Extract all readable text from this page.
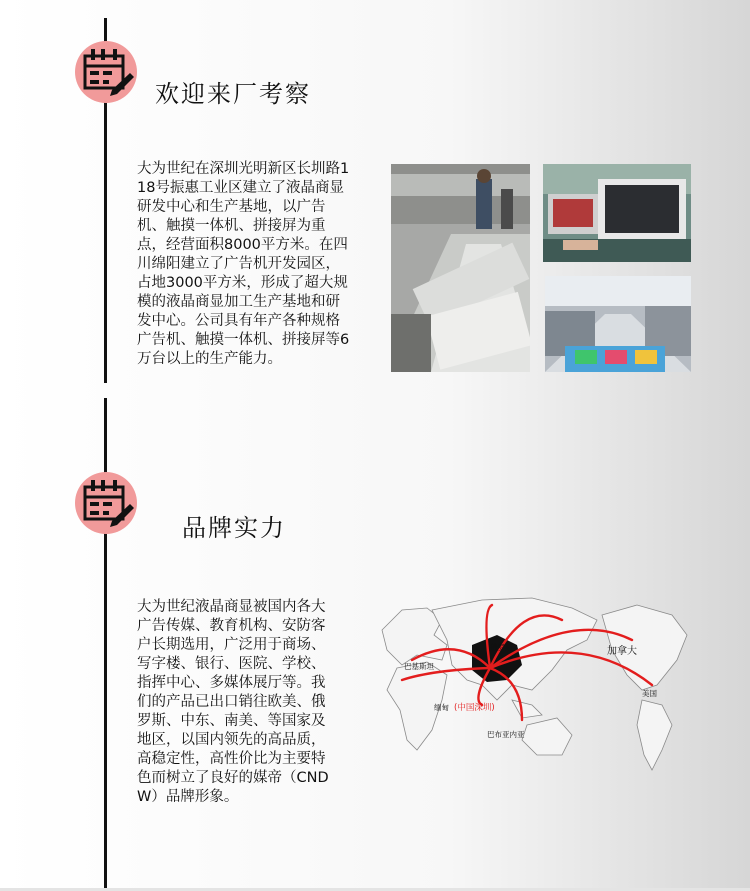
欢迎来厂考察
大为世纪在深圳光明新区长圳路118号振惠工业区建立了液晶商显研发中心和生产基地，以广告机、触摸一体机、拼接屏为重点，经营面积8000平方米。在四川绵阳建立了广告机开发园区，占地3000平方米，形成了超大规模的液晶商显加工生产基地和研发中心。公司具有年产各种规格广告机、触摸一体机、拼接屏等6万台以上的生产能力。
品牌实力
大为世纪液晶商显被国内各大广告传媒、教育机构、安防客户长期选用，广泛用于商场、写字楼、银行、医院、学校、指挥中心、多媒体展厅等。我们的产品已出口销往欧美、俄罗斯、中东、南美、等国家及地区，以国内领先的高品质，高稳定性，高性价比为主要特色而树立了良好的媒帝（CNDW）品牌形象。
俄罗斯	加拿大
巴基斯坦
美国
缅甸 (中国深圳)
巴布亚内亚
